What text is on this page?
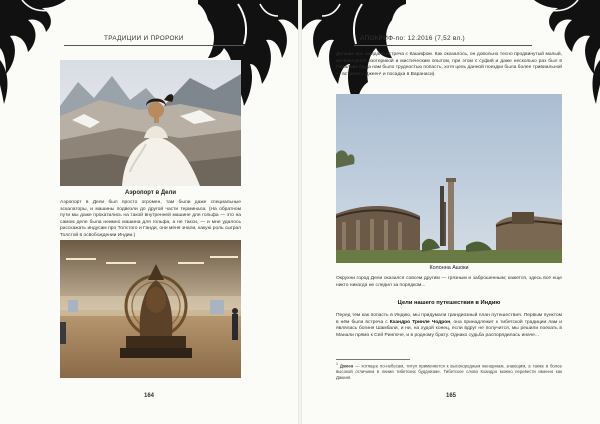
ТРАДИЦИИ И ПРОРОКИ
Аэропорт в Дели

Аэропорт в Дели был просто огромен, там были даже специальные эскалаторы, и машины подвезли до другой части терминала. (На обратном пути мы даже прокатились на такой внутренней машине для гольфа — это на самом деле была неимно машина для гольфа, а не такси, — и мне удалось расскажать индусам про Толстого и Ганди, они меня знали, какую роль сыграл Толстой в освобождении Индии.)

164
АПОКРИФ-по: 12.2016 (7,52 вл.)

Дальше нас ожидала встреча с Кашифом. Как оказалось, он довольно тесно продвинутый малый, интересуется эзотерикой и мистическим опытом, при этом с суфий и даже несколько раз был в Гималаях (куда нам было трудностью попасть, хотя цель данной поездки была более тривиальной — встреча с Джеен¹ и посадка в Варанаси).

Колонна Ашоки

Окрухни город Дели оказался совсем другим — грязным и заброшенным; кажется, здесь всё еще никто никогда не следил за порядком...

Цели нашего путешествия в Индию

Перед тем как попасть в Индию, мы придумали грандиозный план путешествия. Первым пунктом в нём была встреча с Кхандро Тринле Чодрон, она принадлежит к тибетской традиции лам и являлась богиня Шамбали, и ни, на худой конец, если вдруг не получится, мы решили поехать в Манали прямо к Сей Ринпоче, и в родному брату. Однако судьба распорядилась иначе...

$^1$ Джеен — хотящее по-небесам, титул применяется к высокородным женщинам, знающим, а также в более высокой отличием в линии тибетских будднизме. Тибетское слово Кхандро можно перевести именно как Дакиня.

165
